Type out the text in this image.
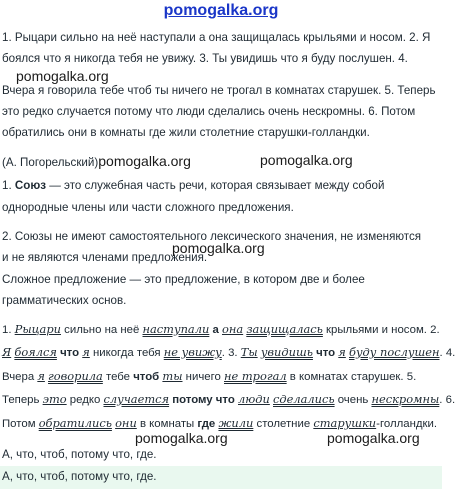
pomogalka.org
1. Рыцари сильно на неё наступали а она защищалась крыльями и носом. 2. Я
боялся что я никогда тебя не увижу. 3. Ты увидишь что я буду послушен. 4.
pomogalka.org
Вчера я говорила тебе чтоб ты ничего не трогал в комнатах старушек. 5. Теперь
это редко случается потому что люди сделались очень нескромны. 6. Потом
обратились они в комнаты где жили столетние старушки-голландки.
(А. Погорельский)pomogalka.org	pomogalka.org
1. Союз — это служебная часть речи, которая связывает между собой
однородные члены или части сложного предложения.
2. Союзы не имеют самостоятельного лексического значения, не изменяются
pomogalka.org
и не являются членами предложения.
Сложное предложение — это предложение, в котором две и более
грамматических основ.
1. Рыцари сильно на неё наступали а она защищалась крыльями и носом. 2.
Я боялся что я никогда тебя не увижу. 3. Ты увидишь что я буду послушен. 4.
Вчера я говорила тебе чтоб ты ничего не трогал в комнатах старушек. 5.
Теперь это редко случается потому что люди сделались очень нескромны. 6.
Потом обратились они в комнаты где жили столетние старушки-голландки.
pomogalka.org	pomogalka.org
А, что, чтоб, потому что, где.
А, что, чтоб, потому что, где.
